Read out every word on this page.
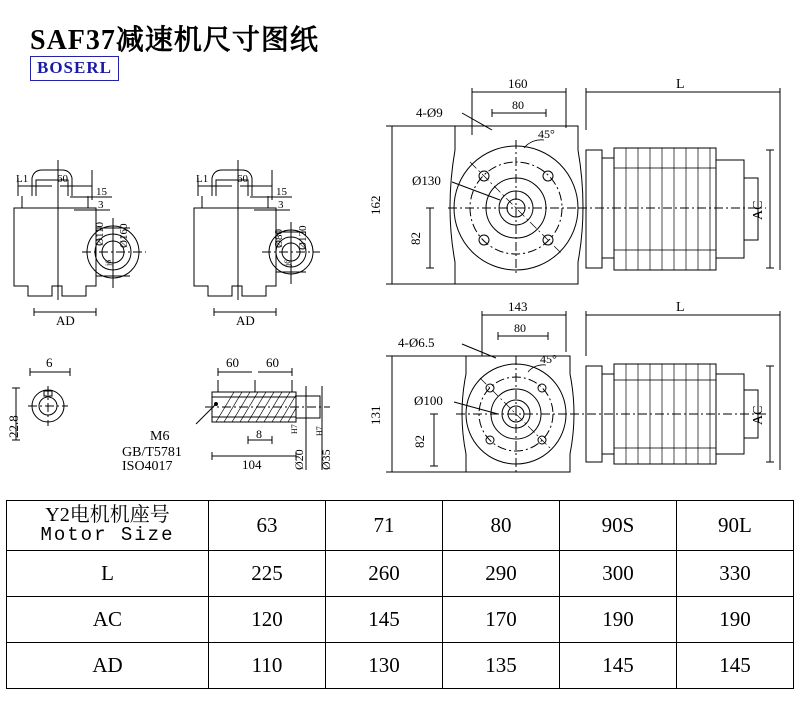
SAF37减速机尺寸图纸
BOSERL
L1	60
15
3
Ø110
j6
Ø160
AD
L1	60
15
3
Ø80
j6
Ø120
AD
6
22.8
60 60
M6
GB/T5781
ISO4017
8
104	Ø20
H7
Ø35
H7
160	L
80
4-Ø9
45°
Ø130
162
82
AC
143	L
80
4-Ø6.5
45°
Ø100
131
82
AC
Y2电机机座号
Motor Size	63	71	80	90S	90L
L	225	260	290	300	330
AC	120	145	170	190	190
AD	110	130	135	145	145
